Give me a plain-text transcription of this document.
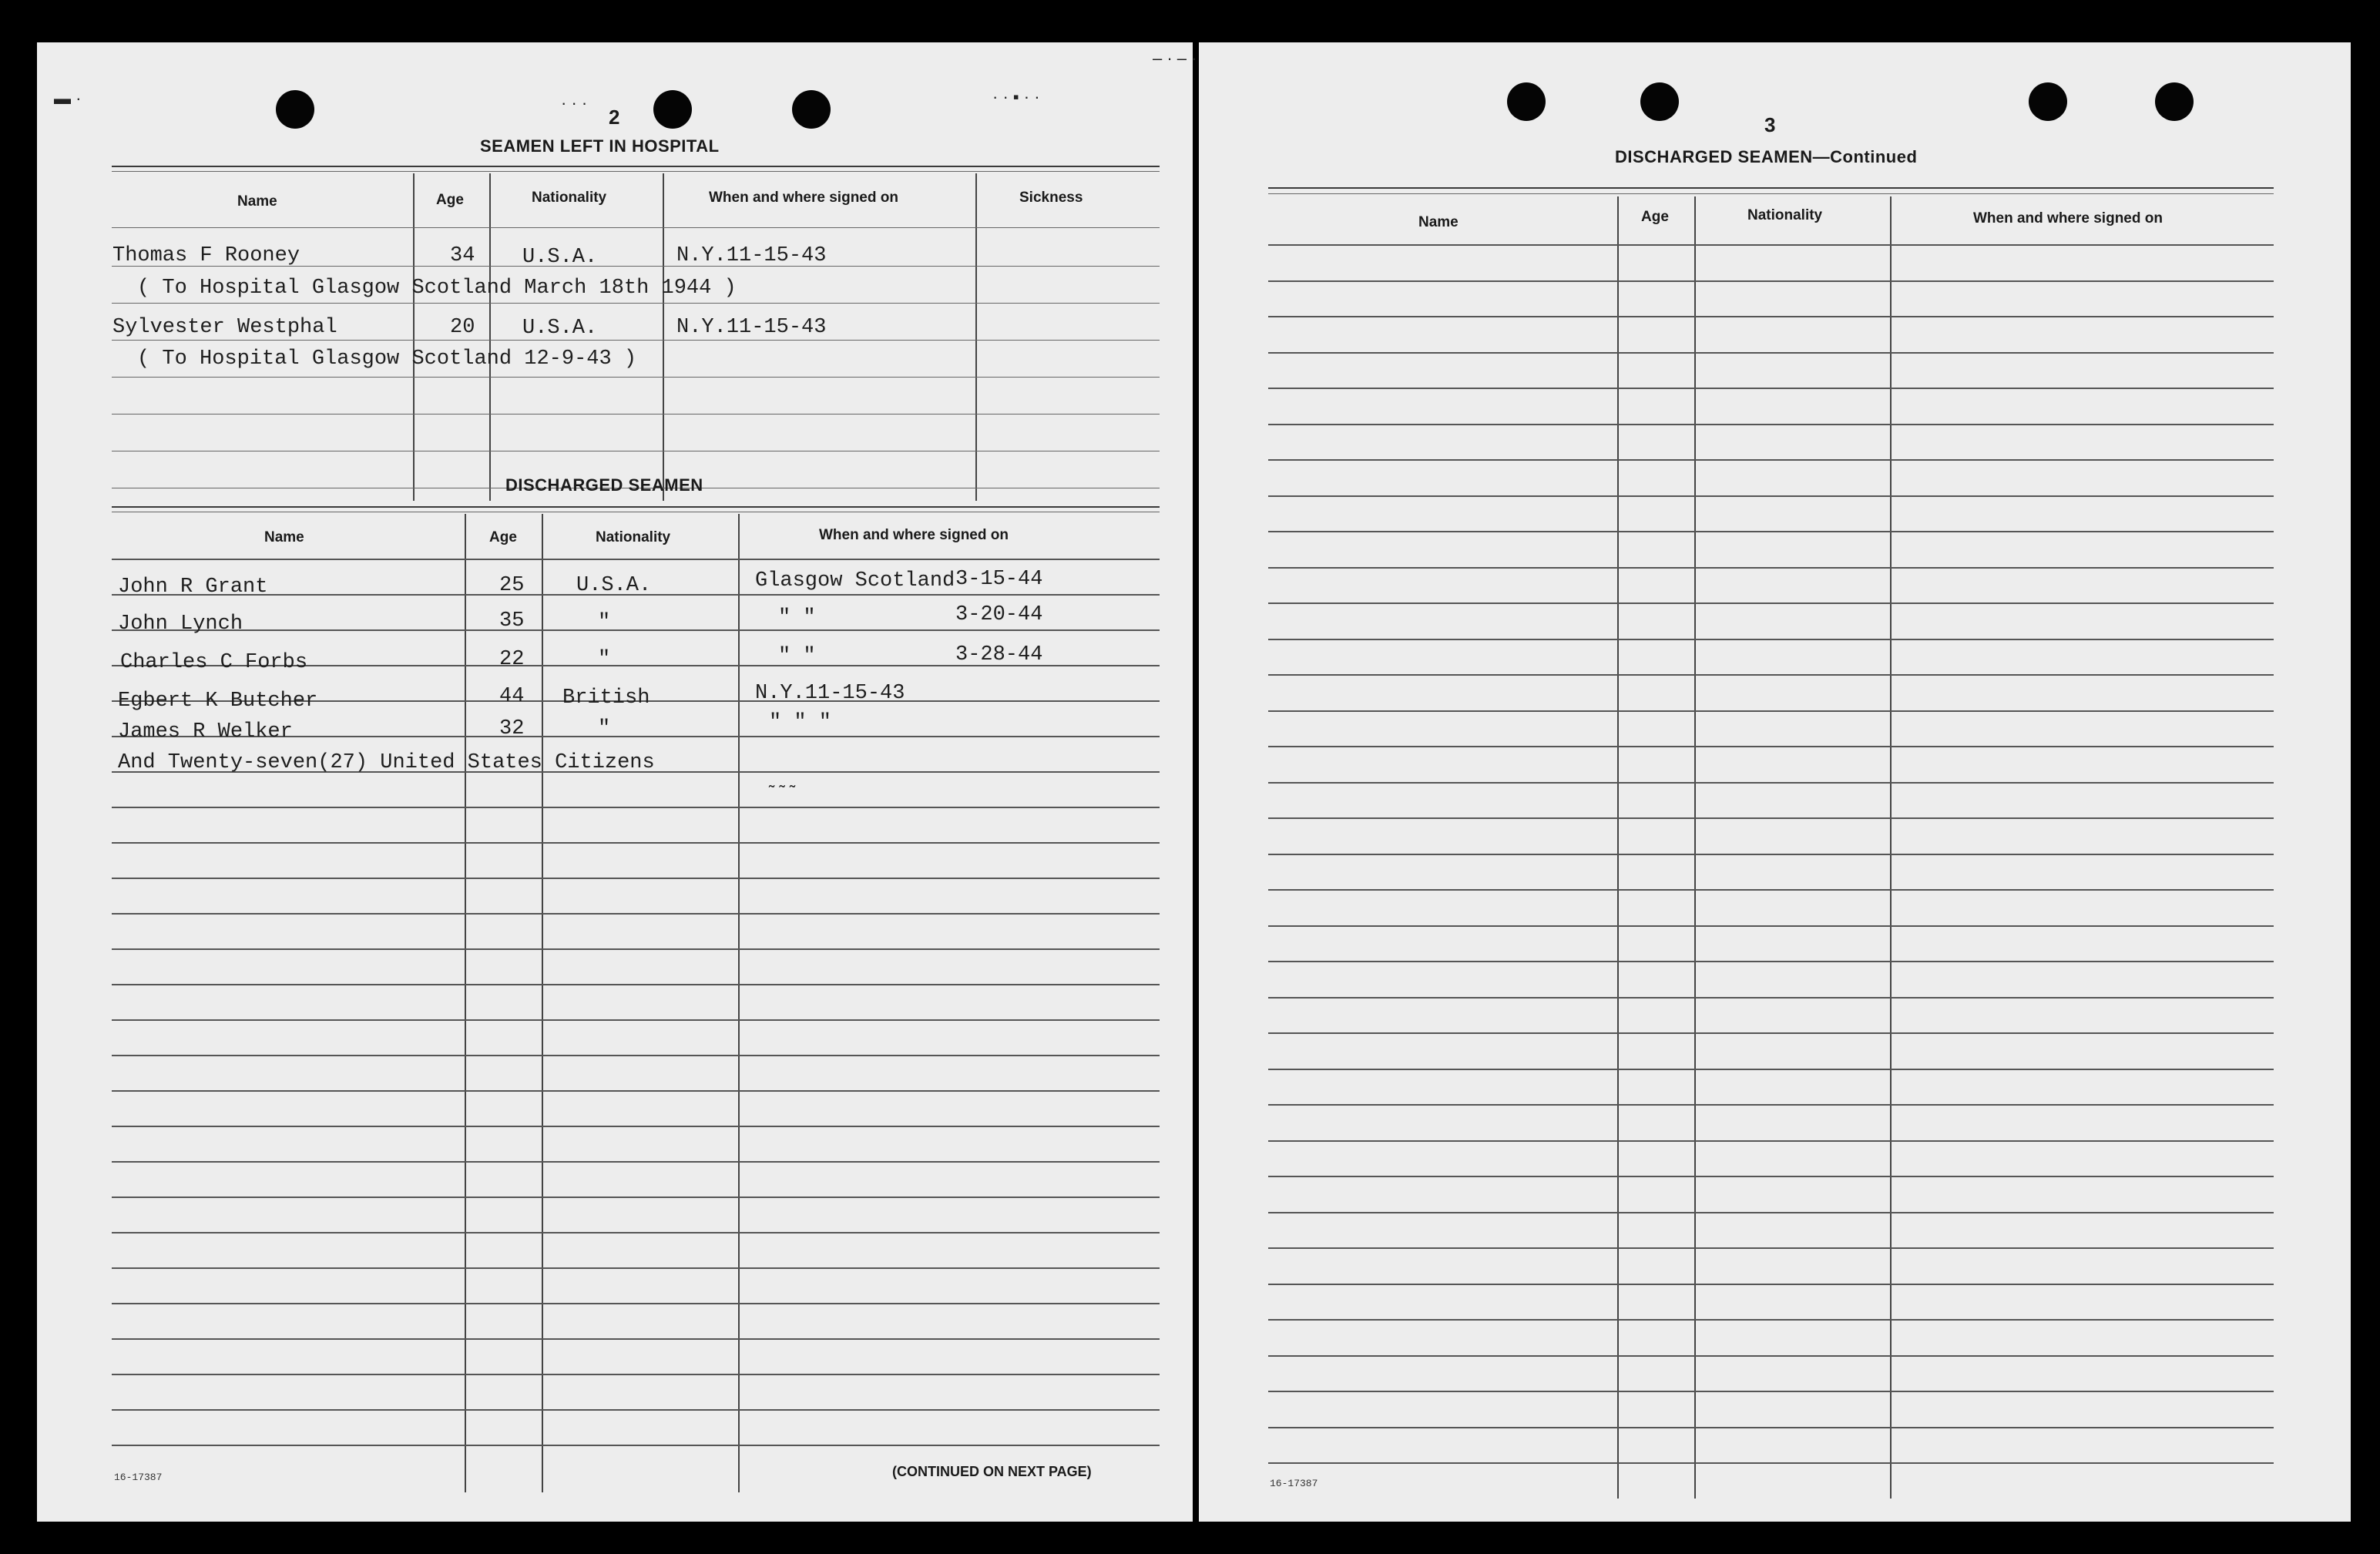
▬ ·	· · ▪ · ·
· · ·
2
SEAMEN LEFT IN HOSPITAL
Name	Age	Nationality	When and where signed on	Sickness
Thomas F Rooney	34 U.S.A.	N.Y.11-15-43
( To Hospital Glasgow Scotland March 18th 1944 )
Sylvester Westphal	20 U.S.A.	N.Y.11-15-43
( To Hospital Glasgow Scotland 12-9-43 )
DISCHARGED SEAMEN
Name	Age	Nationality	When and where signed on
John R Grant	25	U.S.A.	Glasgow Scotland 3-15-44
John Lynch	35	"	" "	3-20-44
Charles C Forbs	22	"	" "	3-28-44
Egbert K Butcher	44 British	N.Y.11-15-43
James R Welker	32	"	" " "
And Twenty-seven(27) United States Citizens
˜ ˜ ˜
16-17387	(CONTINUED ON NEXT PAGE)
‒ · ‒ ·
3
DISCHARGED SEAMEN—Continued
Name	Age	Nationality	When and where signed on
16-17387
